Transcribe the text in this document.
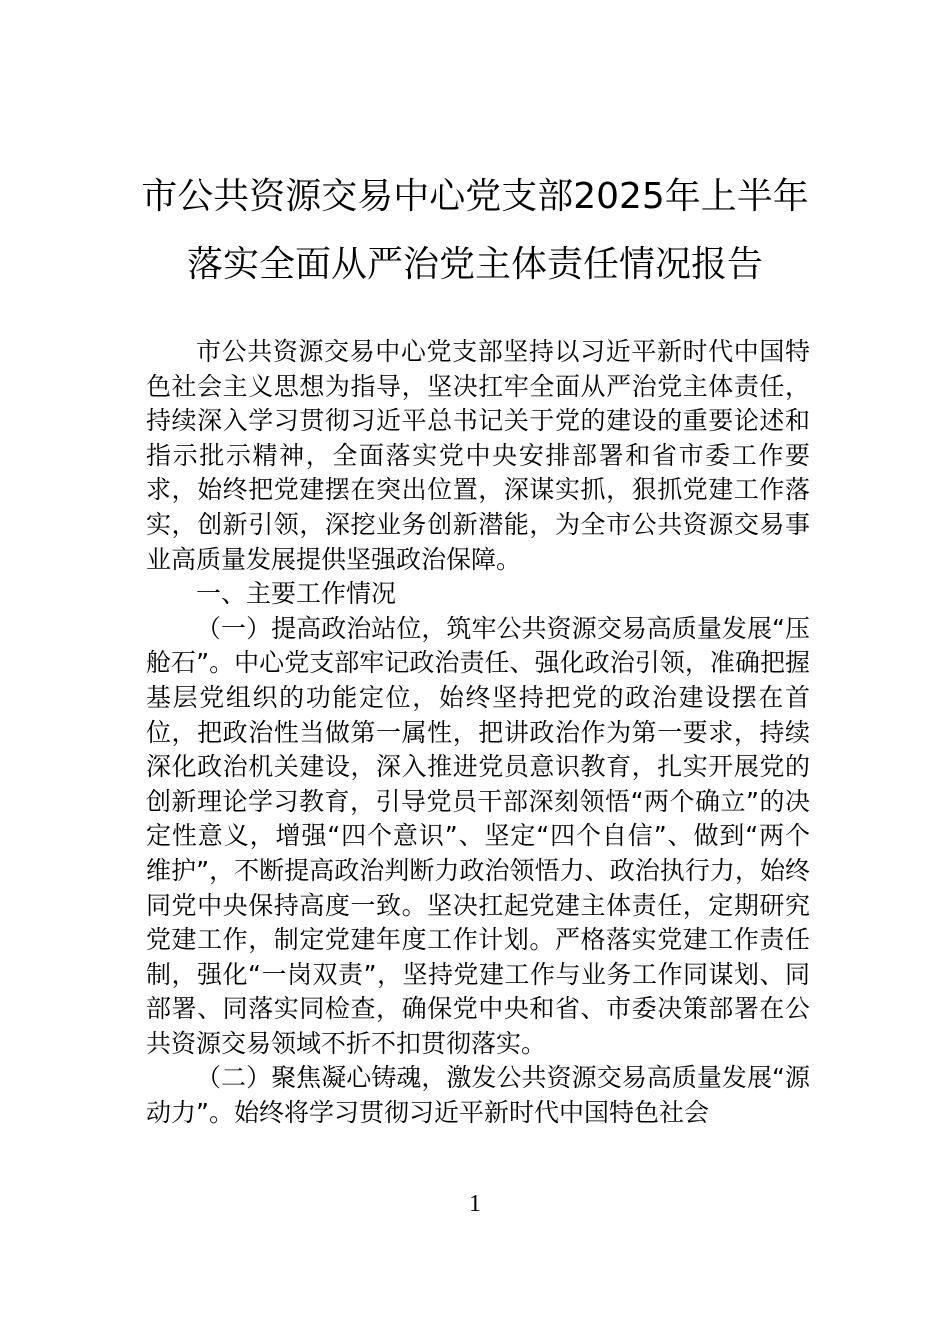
市公共资源交易中心党支部2025年上半年
落实全面从严治党主体责任情况报告

市公共资源交易中心党支部坚持以习近平新时代中国特色社会主义思想为指导，坚决扛牢全面从严治党主体责任，持续深入学习贯彻习近平总书记关于党的建设的重要论述和指示批示精神，全面落实党中央安排部署和省市委工作要求，始终把党建摆在突出位置，深谋实抓，狠抓党建工作落实，创新引领，深挖业务创新潜能，为全市公共资源交易事业高质量发展提供坚强政治保障。

一、主要工作情况

（一）提高政治站位，筑牢公共资源交易高质量发展“压舱石”。中心党支部牢记政治责任、强化政治引领，准确把握基层党组织的功能定位，始终坚持把党的政治建设摆在首位，把政治性当做第一属性，把讲政治作为第一要求，持续深化政治机关建设，深入推进党员意识教育，扎实开展党的创新理论学习教育，引导党员干部深刻领悟“两个确立”的决定性意义，增强“四个意识”、坚定“四个自信”、做到“两个维护”，不断提高政治判断力政治领悟力、政治执行力，始终同党中央保持高度一致。坚决扛起党建主体责任，定期研究党建工作，制定党建年度工作计划。严格落实党建工作责任制，强化“一岗双责”，坚持党建工作与业务工作同谋划、同部署、同落实同检查，确保党中央和省、市委决策部署在公共资源交易领域不折不扣贯彻落实。

（二）聚焦凝心铸魂，激发公共资源交易高质量发展“源动力”。始终将学习贯彻习近平新时代中国特色社会

1
